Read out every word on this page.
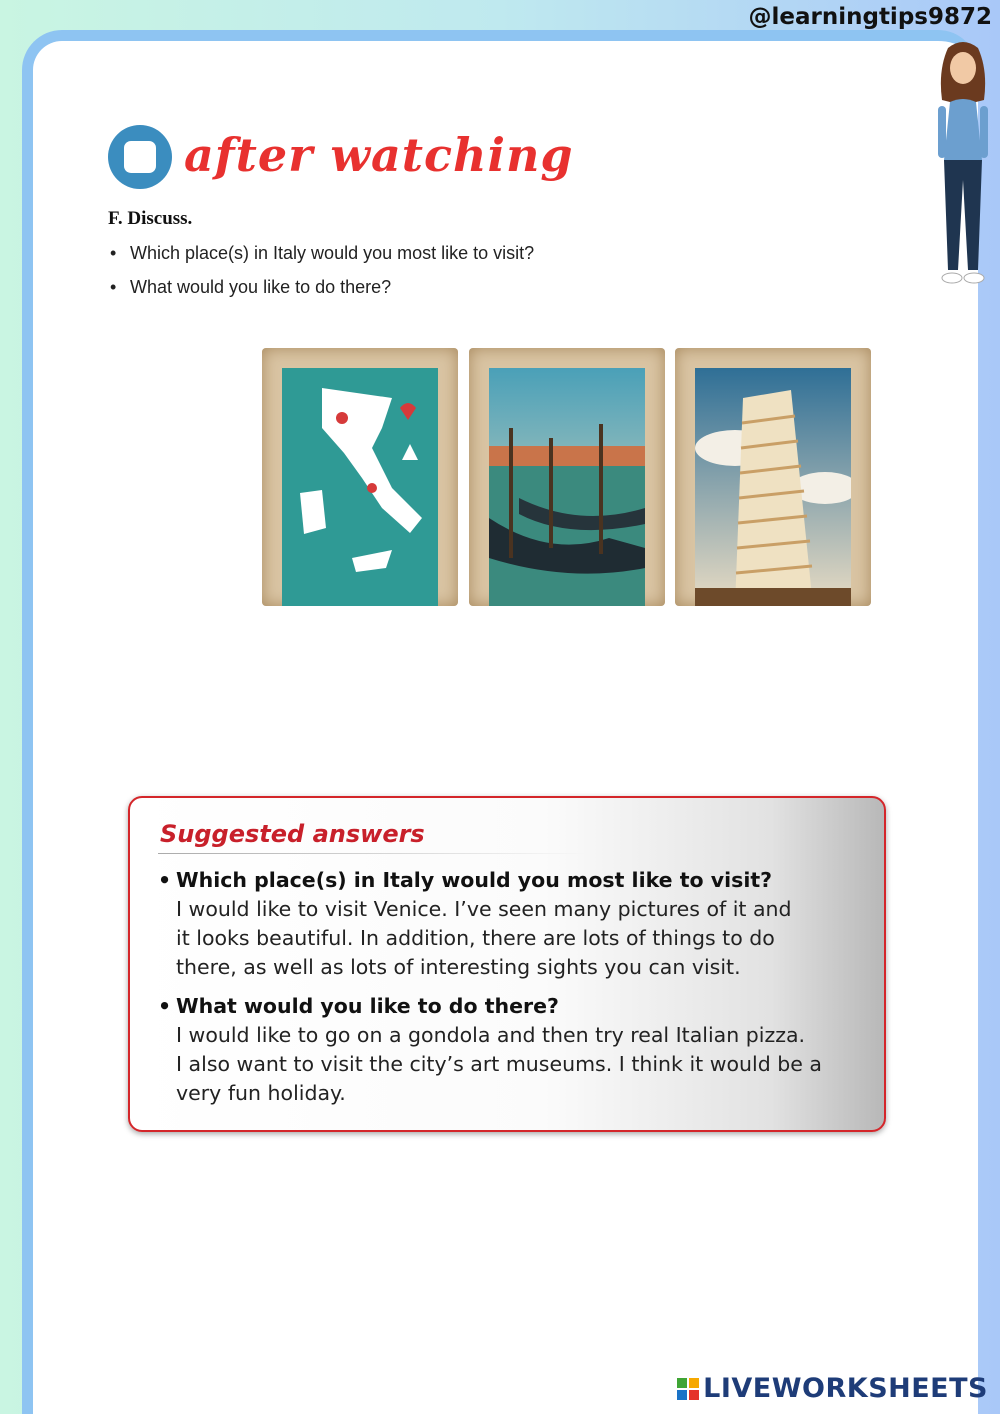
@learningtips9872
after watching
F. Discuss.
• Which place(s) in Italy would you most like to visit?
• What would you like to do there?
Suggested answers
• Which place(s) in Italy would you most like to visit?
I would like to visit Venice. I’ve seen many pictures of it and
it looks beautiful. In addition, there are lots of things to do
there, as well as lots of interesting sights you can visit.
• What would you like to do there?
I would like to go on a gondola and then try real Italian pizza.
I also want to visit the city’s art museums. I think it would be a
very fun holiday.
LIVEWORKSHEETS
